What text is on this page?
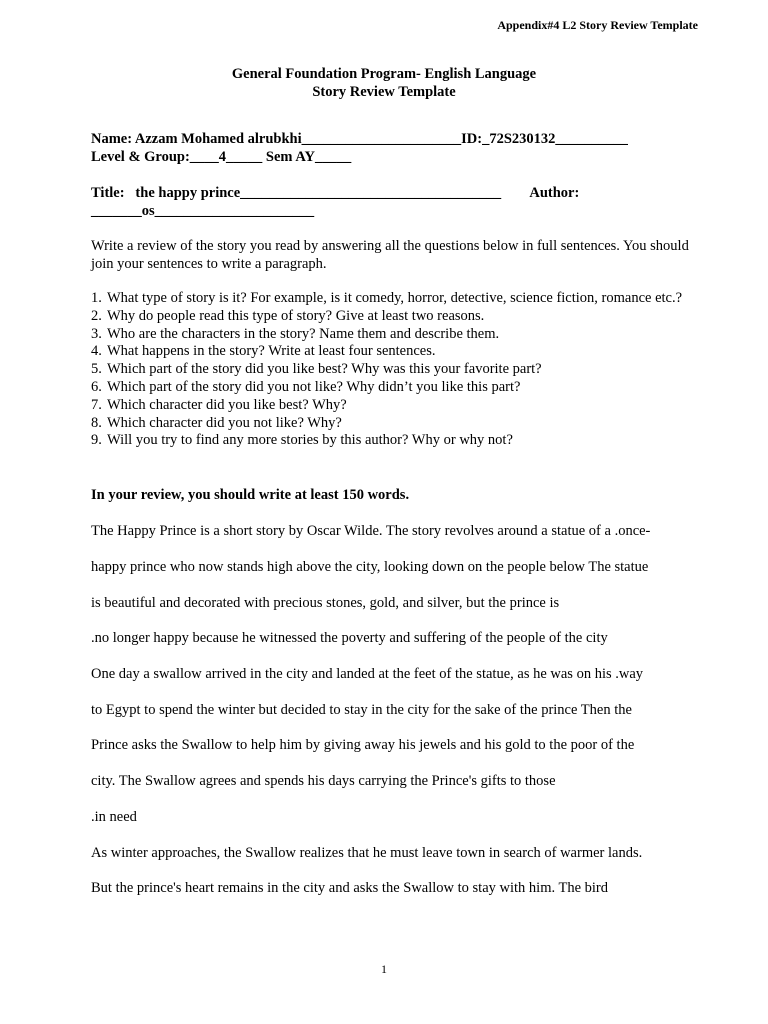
Appendix#4 L2 Story Review Template
General Foundation Program- English Language
Story Review Template
Name: Azzam Mohamed alrubkhi______________________ID:_72S230132__________
Level & Group:____4_____ Sem AY_____
Title:   the happy prince____________________________________        Author:
_______os______________________
Write a review of the story you read by answering all the questions below in full sentences. You should join your sentences to write a paragraph.
1. What type of story is it? For example, is it comedy, horror, detective, science fiction, romance etc.?
2. Why do people read this type of story? Give at least two reasons.
3. Who are the characters in the story? Name them and describe them.
4. What happens in the story? Write at least four sentences.
5. Which part of the story did you like best? Why was this your favorite part?
6. Which part of the story did you not like? Why didn’t you like this part?
7. Which character did you like best? Why?
8. Which character did you not like? Why?
9. Will you try to find any more stories by this author? Why or why not?
In your review, you should write at least 150 words.
The Happy Prince is a short story by Oscar Wilde. The story revolves around a statue of a .once-
happy prince who now stands high above the city, looking down on the people below The statue
is beautiful and decorated with precious stones, gold, and silver, but the prince is
.no longer happy because he witnessed the poverty and suffering of the people of the city
One day a swallow arrived in the city and landed at the feet of the statue, as he was on his .way
to Egypt to spend the winter but decided to stay in the city for the sake of the prince Then the
Prince asks the Swallow to help him by giving away his jewels and his gold to the poor of the
city. The Swallow agrees and spends his days carrying the Prince's gifts to those
.in need
As winter approaches, the Swallow realizes that he must leave town in search of warmer lands.
But the prince's heart remains in the city and asks the Swallow to stay with him. The bird
1
